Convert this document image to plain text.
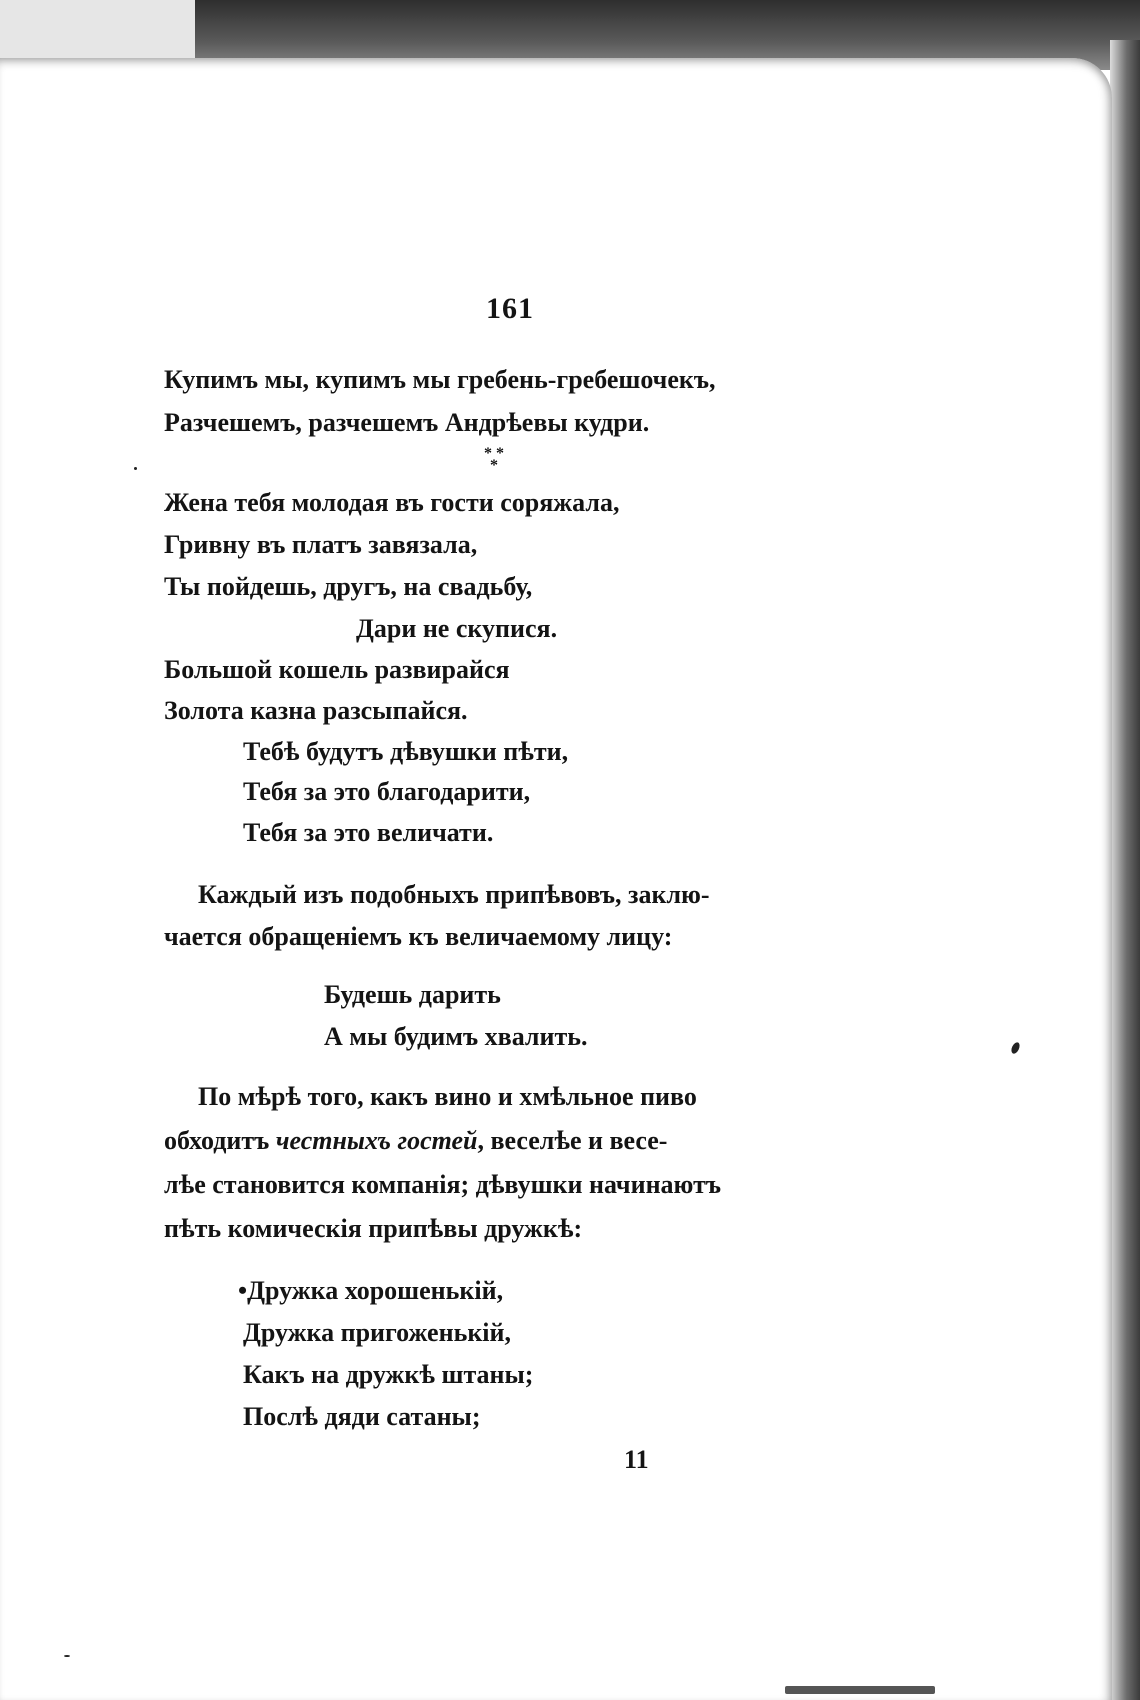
161
Купимъ мы, купимъ мы гребень-гребешочекъ,
Разчешемъ, разчешемъ Андрѣевы кудри.
* *
*
Жена тебя молодая въ гости соряжала,
Гривну въ платъ завязала,
Ты пойдешь, другъ, на свадьбу,
Дари не скупися.
Большой кошель развирайся
Золота казна разсыпайся.
Тебѣ будутъ дѣвушки пѣти,
Тебя за это благодарити,
Тебя за это величати.
Каждый изъ подобныхъ припѣвовъ, заклю-
чается обращеніемъ къ величаемому лицу:
Будешь дарить
А мы будимъ хвалить.
По мѣрѣ того, какъ вино и хмѣльное пиво
обходитъ честныхъ гостей, веселѣе и весе-
лѣе становится компанія; дѣвушки начинаютъ
пѣть комическія припѣвы дружкѣ:
•Дружка хорошенькій,
Дружка пригоженькій,
Какъ на дружкѣ штаны;
Послѣ дяди сатаны;
11
